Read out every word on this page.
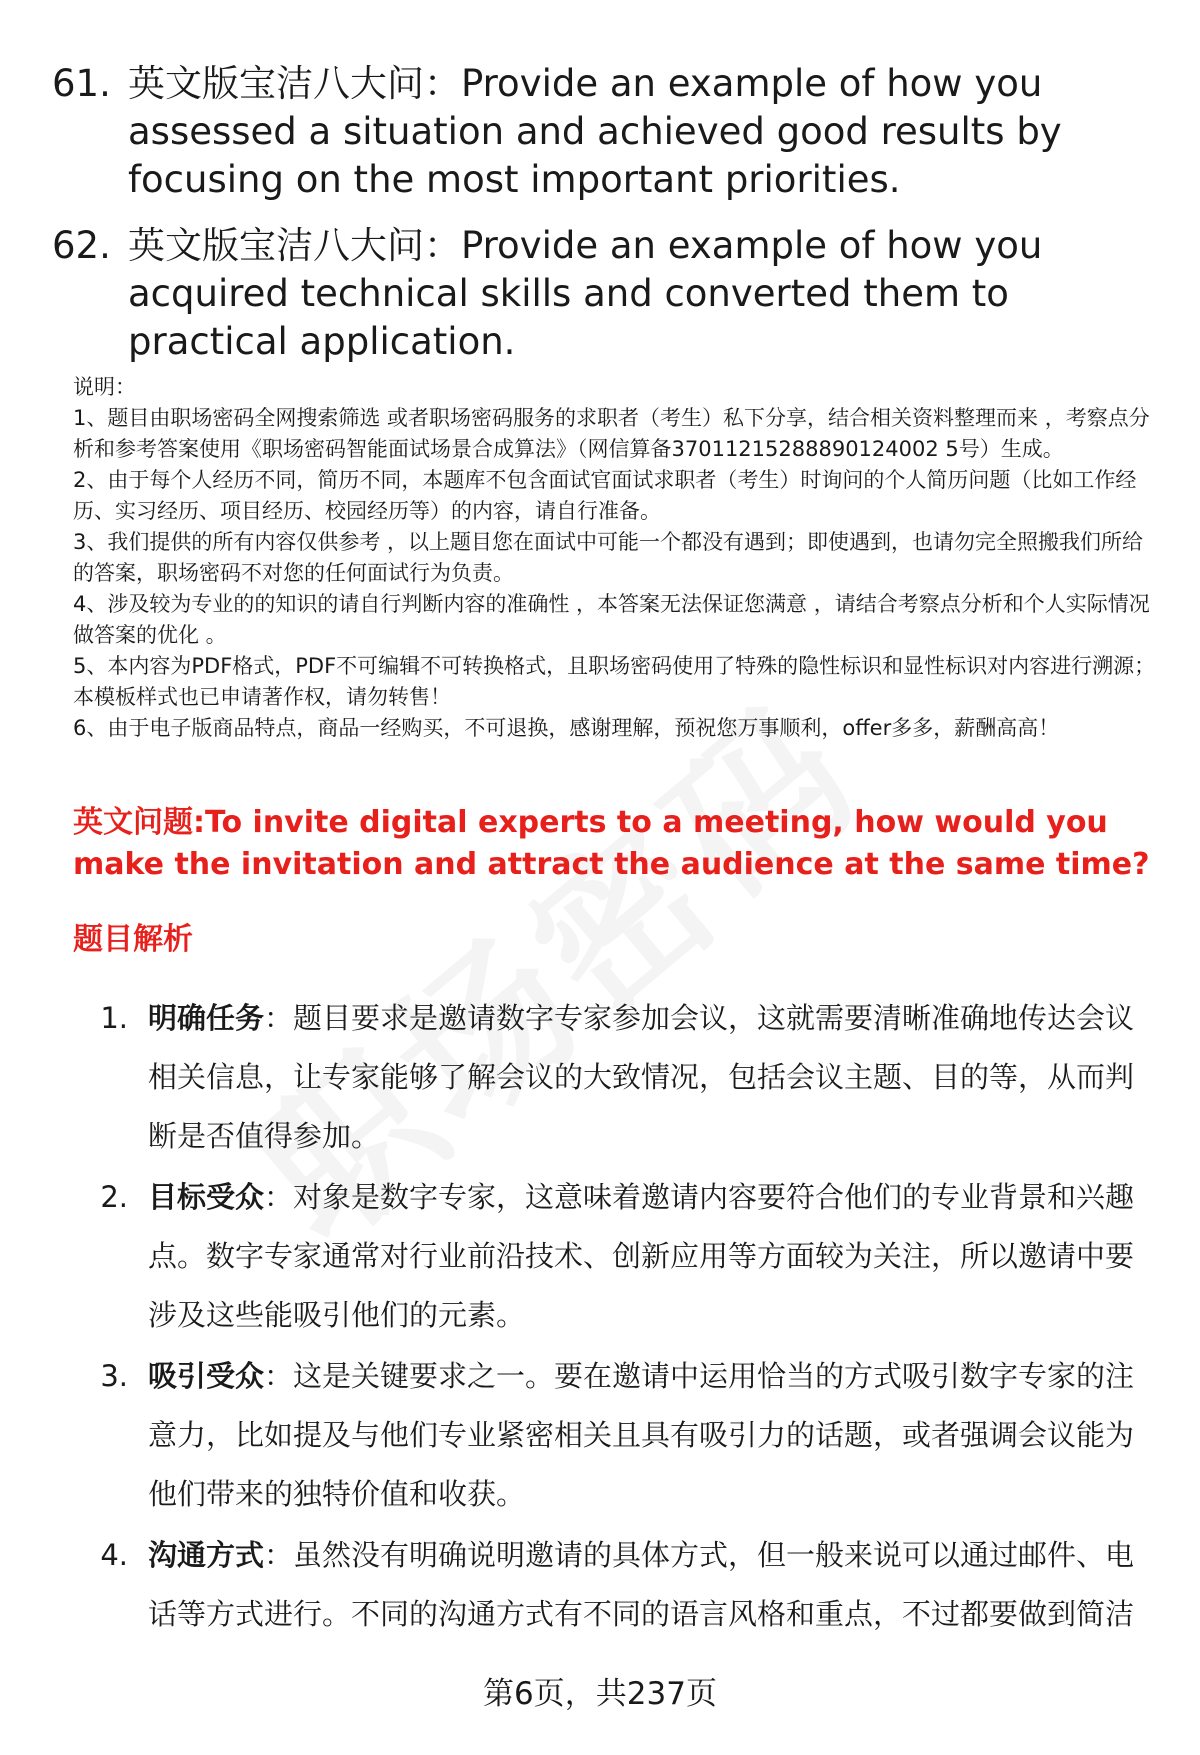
61. 英文版宝洁八大问：Provide an example of how you assessed a situation and achieved good results by focusing on the most important priorities.
62. 英文版宝洁八大问：Provide an example of how you acquired technical skills and converted them to practical application.

说明：

1、题目由职场密码全网搜索筛选 或者职场密码服务的求职者（考生）私下分享，结合相关资料整理而来 ，考察点分析和参考答案使用《职场密码智能面试场景合成算法》（网信算备37011215288890124002 5号）生成。

2、由于每个人经历不同，简历不同，本题库不包含面试官面试求职者（考生）时询问的个人简历问题（比如工作经历、实习经历、项目经历、校园经历等）的内容，请自行准备。

3、我们提供的所有内容仅供参考 ，以上题目您在面试中可能一个都没有遇到；即使遇到，也请勿完全照搬我们所给的答案，职场密码不对您的任何面试行为负责。

4、涉及较为专业的的知识的请自行判断内容的准确性 ，本答案无法保证您满意 ，请结合考察点分析和个人实际情况做答案的优化 。

5、本内容为PDF格式，PDF不可编辑不可转换格式，且职场密码使用了特殊的隐性标识和显性标识对内容进行溯源；本模板样式也已申请著作权，请勿转售！

6、由于电子版商品特点，商品一经购买，不可退换，感谢理解，预祝您万事顺利，offer多多，薪酬高高！

英文问题:To invite digital experts to a meeting, how would you make the invitation and attract the audience at the same time?
题目解析
1. 明确任务：题目要求是邀请数字专家参加会议，这就需要清晰准确地传达会议相关信息，让专家能够了解会议的大致情况，包括会议主题、目的等，从而判断是否值得参加。
2. 目标受众：对象是数字专家，这意味着邀请内容要符合他们的专业背景和兴趣点。数字专家通常对行业前沿技术、创新应用等方面较为关注，所以邀请中要涉及这些能吸引他们的元素。
3. 吸引受众：这是关键要求之一。要在邀请中运用恰当的方式吸引数字专家的注意力，比如提及与他们专业紧密相关且具有吸引力的话题，或者强调会议能为他们带来的独特价值和收获。
4. 沟通方式：虽然没有明确说明邀请的具体方式，但一般来说可以通过邮件、电话等方式进行。不同的沟通方式有不同的语言风格和重点，不过都要做到简洁
第6页，共237页
